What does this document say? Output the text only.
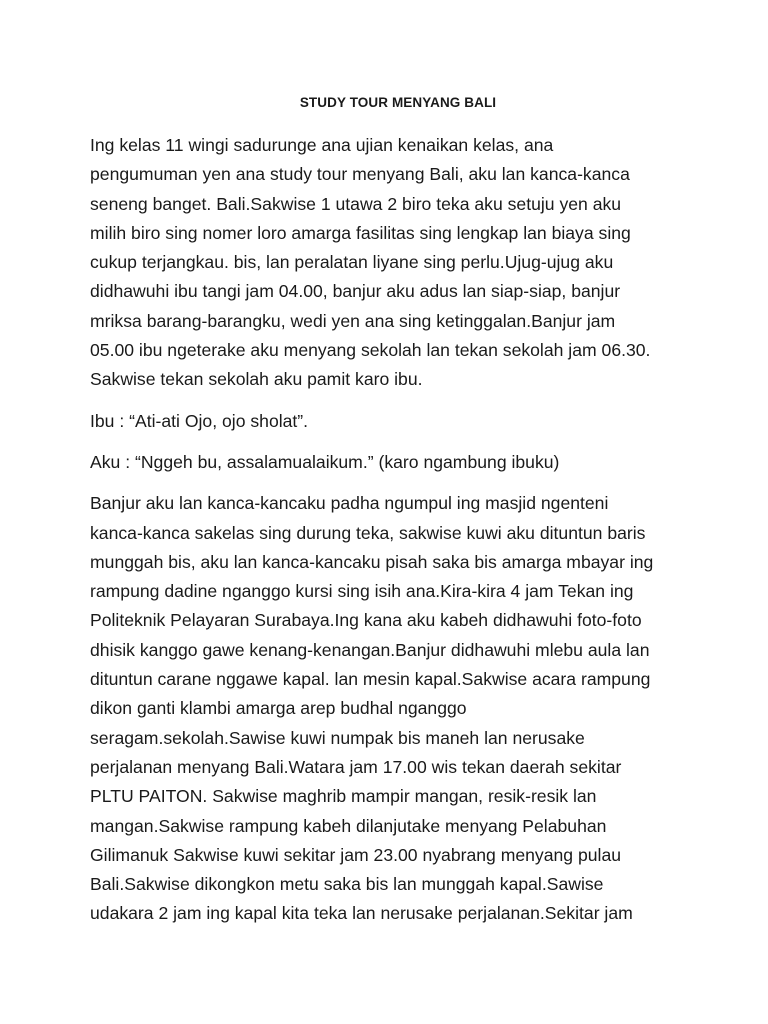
STUDY TOUR MENYANG BALI
Ing kelas 11 wingi sadurunge ana ujian kenaikan kelas, ana
pengumuman yen ana study tour menyang Bali, aku lan kanca-kanca
seneng banget. Bali.Sakwise 1 utawa 2 biro teka aku setuju yen aku
milih biro sing nomer loro amarga fasilitas sing lengkap lan biaya sing
cukup terjangkau. bis, lan peralatan liyane sing perlu.Ujug-ujug aku
didhawuhi ibu tangi jam 04.00, banjur aku adus lan siap-siap, banjur
mriksa barang-barangku, wedi yen ana sing ketinggalan.Banjur jam
05.00 ibu ngeterake aku menyang sekolah lan tekan sekolah jam 06.30.
Sakwise tekan sekolah aku pamit karo ibu.
Ibu : “Ati-ati Ojo, ojo sholat”.
Aku : “Nggeh bu, assalamualaikum.” (karo ngambung ibuku)
Banjur aku lan kanca-kancaku padha ngumpul ing masjid ngenteni
kanca-kanca sakelas sing durung teka, sakwise kuwi aku dituntun baris
munggah bis, aku lan kanca-kancaku pisah saka bis amarga mbayar ing
rampung dadine nganggo kursi sing isih ana.Kira-kira 4 jam Tekan ing
Politeknik Pelayaran Surabaya.Ing kana aku kabeh didhawuhi foto-foto
dhisik kanggo gawe kenang-kenangan.Banjur didhawuhi mlebu aula lan
dituntun carane nggawe kapal. lan mesin kapal.Sakwise acara rampung
dikon ganti klambi amarga arep budhal nganggo
seragam.sekolah.Sawise kuwi numpak bis maneh lan nerusake
perjalanan menyang Bali.Watara jam 17.00 wis tekan daerah sekitar
PLTU PAITON. Sakwise maghrib mampir mangan, resik-resik lan
mangan.Sakwise rampung kabeh dilanjutake menyang Pelabuhan
Gilimanuk Sakwise kuwi sekitar jam 23.00 nyabrang menyang pulau
Bali.Sakwise dikongkon metu saka bis lan munggah kapal.Sawise
udakara 2 jam ing kapal kita teka lan nerusake perjalanan.Sekitar jam
